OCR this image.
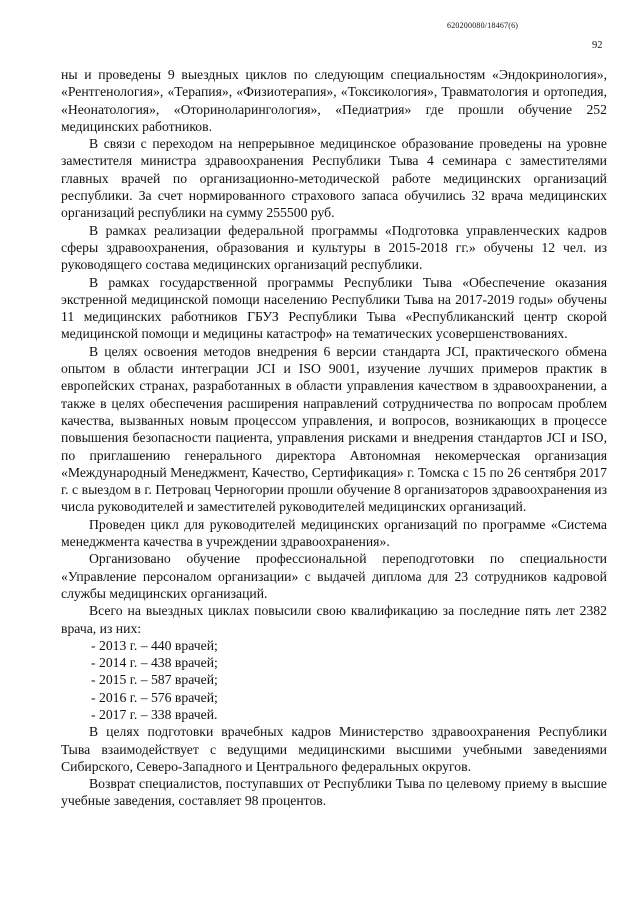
620200080/18467(6)
92

ны и проведены 9 выездных циклов по следующим специальностям «Эндокринология», «Рентгенология», «Терапия», «Физиотерапия», «Токсикология», Травматология и ортопедия, «Неонатология», «Оториноларингология», «Педиатрия» где прошли обучение 252 медицинских работников.

В связи с переходом на непрерывное медицинское образование проведены на уровне заместителя министра здравоохранения Республики Тыва 4 семинара с заместителями главных врачей по организационно-методической работе медицинских организаций республики. За счет нормированного страхового запаса обучились 32 врача медицинских организаций республики на сумму 255500 руб.

В рамках реализации федеральной программы «Подготовка управленческих кадров сферы здравоохранения, образования и культуры в 2015-2018 гг.» обучены 12 чел. из руководящего состава медицинских организаций республики.

В рамках государственной программы Республики Тыва «Обеспечение оказания экстренной медицинской помощи населению Республики Тыва на 2017-2019 годы» обучены 11 медицинских работников ГБУЗ Республики Тыва «Республиканский центр скорой медицинской помощи и медицины катастроф» на тематических усовершенствованиях.

В целях освоения методов внедрения 6 версии стандарта JCI, практического обмена опытом в области интеграции JCI и ISO 9001, изучение лучших примеров практик в европейских странах, разработанных в области управления качеством в здравоохранении, а также в целях обеспечения расширения направлений сотрудничества по вопросам проблем качества, вызванных новым процессом управления, и вопросов, возникающих в процессе повышения безопасности пациента, управления рисками и внедрения стандартов JCI и ISO, по приглашению генерального директора Автономная некомерческая организация «Международный Менеджмент, Качество, Сертификация» г. Томска с 15 по 26 сентября 2017 г. с выездом в г. Петровац Черногории прошли обучение 8 организаторов здравоохранения из числа руководителей и заместителей руководителей медицинских организаций.

Проведен цикл для руководителей медицинских организаций по программе «Система менеджмента качества в учреждении здравоохранения».

Организовано обучение профессиональной переподготовки по специальности «Управление персоналом организации» с выдачей диплома для 23 сотрудников кадровой службы медицинских организаций.

Всего на выездных циклах повысили свою квалификацию за последние пять лет 2382 врача, из них:

- 2013 г. – 440 врачей;
- 2014 г. – 438 врачей;
- 2015 г. – 587 врачей;
- 2016 г. – 576 врачей;
- 2017 г. – 338 врачей.

В целях подготовки врачебных кадров Министерство здравоохранения Республики Тыва взаимодействует с ведущими медицинскими высшими учебными заведениями Сибирского, Северо-Западного и Центрального федеральных округов.

Возврат специалистов, поступавших от Республики Тыва по целевому приему в высшие учебные заведения, составляет 98 процентов.
